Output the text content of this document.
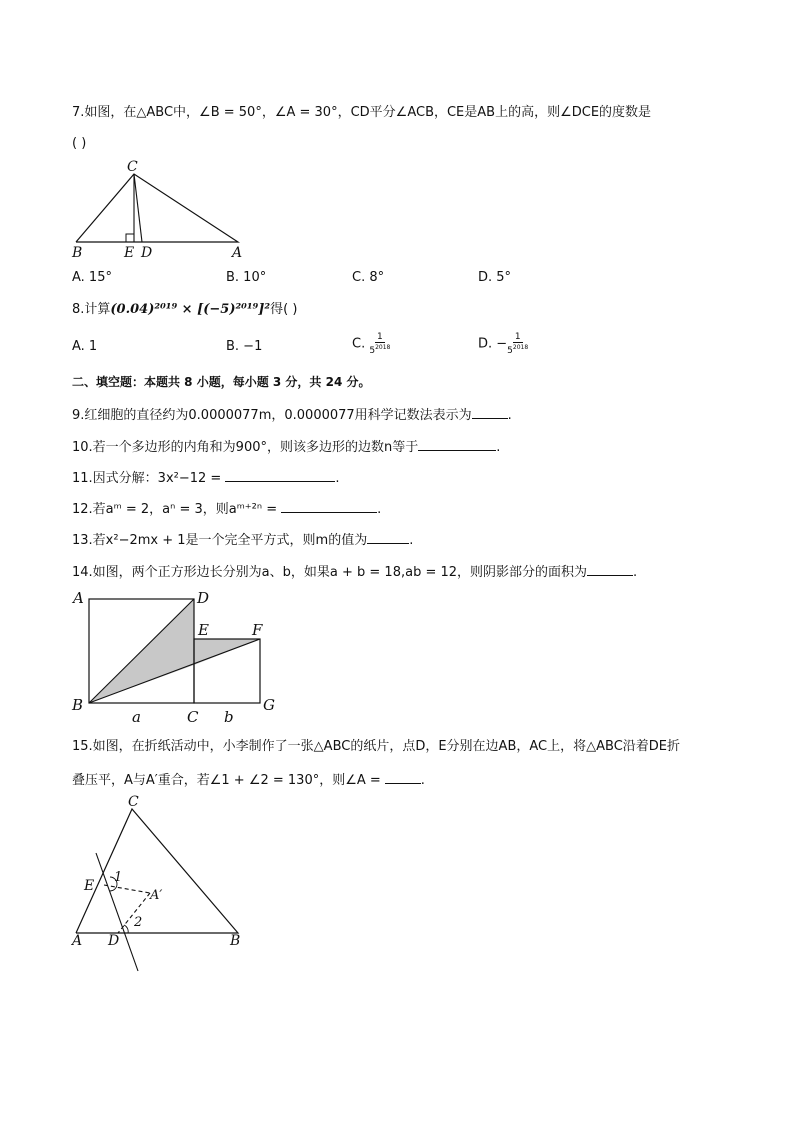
7.如图，在△ABC中，∠B = 50°，∠A = 30°，CD平分∠ACB，CE是AB上的高，则∠DCE的度数是
( )
C
B	E D	A
A. 15°	B. 10°	C. 8°	D. 5°
8.计算(0.04)²⁰¹⁹ × [(−5)²⁰¹⁹]²得( )
A. 1	B. −1	C. $\frac{1}{5^{2018}}$	D. − $\frac{1}{5^{2018}}$
二、填空题：本题共 8 小题，每小题 3 分，共 24 分。
9.红细胞的直径约为0.0000077m，0.0000077用科学记数法表示为	.
10.若一个多边形的内角和为900°，则该多边形的边数n等于	.
11.因式分解：3x²−12 =	.
12.若aᵐ = 2，aⁿ = 3，则aᵐ⁺²ⁿ =	.
13.若x²−2mx + 1是一个完全平方式，则m的值为	.
14.如图，两个正方形边长分别为a、b，如果a + b = 18,ab = 12，则阴影部分的面积为	.
A	D
E	F
B
a	C b
G
15.如图，在折纸活动中，小李制作了一张△ABC的纸片，点D，E分别在边AB，AC上，将△ABC沿着DE折
叠压平，A与A′重合，若∠1 + ∠2 = 130°，则∠A =	.
C
E
1
A′
2
A D	B
